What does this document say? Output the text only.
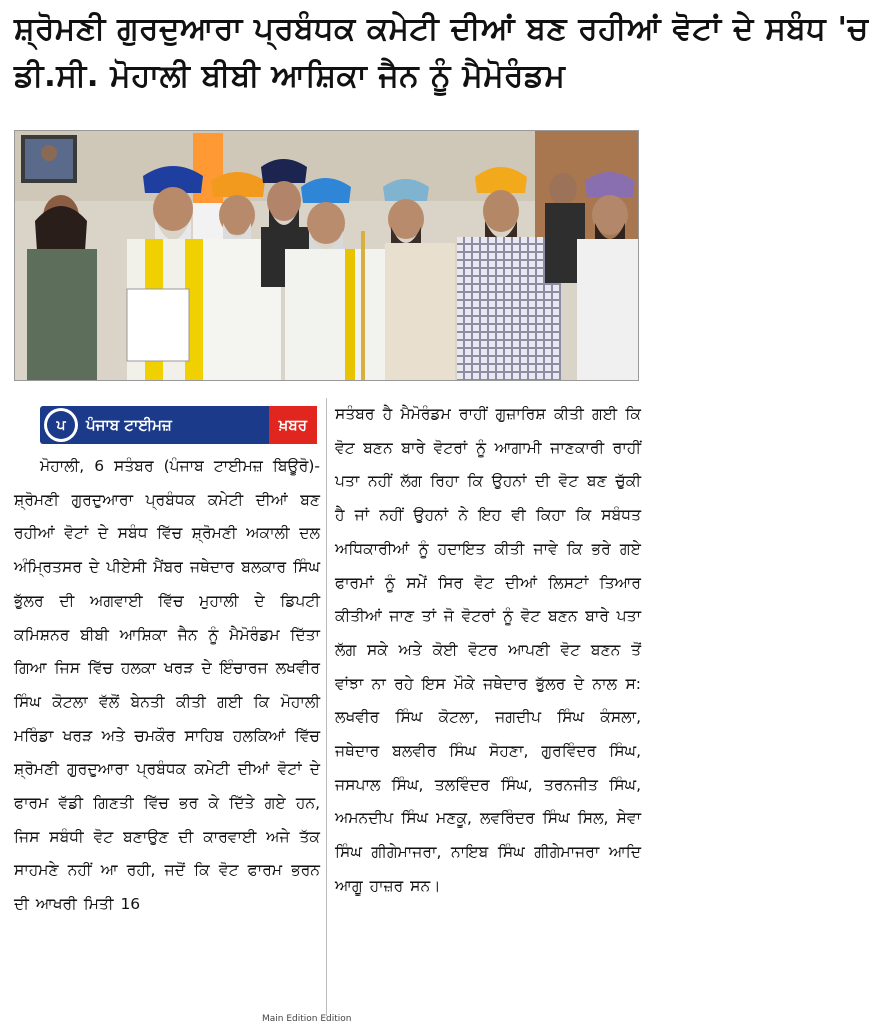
ਸ਼੍ਰੋਮਣੀ ਗੁਰਦੁਆਰਾ ਪ੍ਰਬੰਧਕ ਕਮੇਟੀ ਦੀਆਂ ਬਣ ਰਹੀਆਂ ਵੋਟਾਂ ਦੇ ਸਬੰਧ 'ਚ
ਡੀ.ਸੀ. ਮੋਹਾਲੀ ਬੀਬੀ ਆਸ਼ਿਕਾ ਜੈਨ ਨੂੰ ਮੈਮੋਰੰਡਮ
ਪ	ਪੰਜਾਬ ਟਾਈਮਜ਼	ਖ਼ਬਰ

ਮੋਹਾਲੀ, 6 ਸਤੰਬਰ (ਪੰਜਾਬ ਟਾਈਮਜ਼ ਬਿਊਰੋ)- ਸ਼੍ਰੋਮਣੀ ਗੁਰਦੁਆਰਾ ਪ੍ਰਬੰਧਕ ਕਮੇਟੀ ਦੀਆਂ ਬਣ ਰਹੀਆਂ ਵੋਟਾਂ ਦੇ ਸਬੰਧ ਵਿੱਚ ਸ਼੍ਰੋਮਣੀ ਅਕਾਲੀ ਦਲ ਅੰਮ੍ਰਿਤਸਰ ਦੇ ਪੀਏਸੀ ਮੈਂਬਰ ਜਥੇਦਾਰ ਬਲਕਾਰ ਸਿੰਘ ਭੁੱਲਰ ਦੀ ਅਗਵਾਈ ਵਿੱਚ ਮੁਹਾਲੀ ਦੇ ਡਿਪਟੀ ਕਮਿਸ਼ਨਰ ਬੀਬੀ ਆਸ਼ਿਕਾ ਜੈਨ ਨੂੰ ਮੈਮੋਰੰਡਮ ਦਿੱਤਾ ਗਿਆ ਜਿਸ ਵਿੱਚ ਹਲਕਾ ਖਰੜ ਦੇ ਇੰਚਾਰਜ ਲਖਵੀਰ ਸਿੰਘ ਕੋਟਲਾ ਵੱਲੋਂ ਬੇਨਤੀ ਕੀਤੀ ਗਈ ਕਿ ਮੋਹਾਲੀ ਮਰਿੰਡਾ ਖਰੜ ਅਤੇ ਚਮਕੌਰ ਸਾਹਿਬ ਹਲਕਿਆਂ ਵਿੱਚ ਸ਼੍ਰੋਮਣੀ ਗੁਰਦੁਆਰਾ ਪ੍ਰਬੰਧਕ ਕਮੇਟੀ ਦੀਆਂ ਵੋਟਾਂ ਦੇ ਫਾਰਮ ਵੱਡੀ ਗਿਣਤੀ ਵਿੱਚ ਭਰ ਕੇ ਦਿੱਤੇ ਗਏ ਹਨ, ਜਿਸ ਸਬੰਧੀ ਵੋਟ ਬਣਾਉਣ ਦੀ ਕਾਰਵਾਈ ਅਜੇ ਤੱਕ ਸਾਹਮਣੇ ਨਹੀਂ ਆ ਰਹੀ, ਜਦੋਂ ਕਿ ਵੋਟ ਫਾਰਮ ਭਰਨ ਦੀ ਆਖਰੀ ਮਿਤੀ 16

ਸਤੰਬਰ ਹੈ ਮੈਮੋਰੰਡਮ ਰਾਹੀਂ ਗੁਜ਼ਾਰਿਸ਼ ਕੀਤੀ ਗਈ ਕਿ ਵੋਟ ਬਣਨ ਬਾਰੇ ਵੋਟਰਾਂ ਨੂੰ ਆਗਾਮੀ ਜਾਣਕਾਰੀ ਰਾਹੀਂ ਪਤਾ ਨਹੀਂ ਲੱਗ ਰਿਹਾ ਕਿ ਉਹਨਾਂ ਦੀ ਵੋਟ ਬਣ ਚੁੱਕੀ ਹੈ ਜਾਂ ਨਹੀਂ ਉਹਨਾਂ ਨੇ ਇਹ ਵੀ ਕਿਹਾ ਕਿ ਸਬੰਧਤ ਅਧਿਕਾਰੀਆਂ ਨੂੰ ਹਦਾਇਤ ਕੀਤੀ ਜਾਵੇ ਕਿ ਭਰੇ ਗਏ ਫਾਰਮਾਂ ਨੂੰ ਸਮੇਂ ਸਿਰ ਵੋਟ ਦੀਆਂ ਲਿਸਟਾਂ ਤਿਆਰ ਕੀਤੀਆਂ ਜਾਣ ਤਾਂ ਜੋ ਵੋਟਰਾਂ ਨੂੰ ਵੋਟ ਬਣਨ ਬਾਰੇ ਪਤਾ ਲੱਗ ਸਕੇ ਅਤੇ ਕੋਈ ਵੋਟਰ ਆਪਣੀ ਵੋਟ ਬਣਨ ਤੋਂ ਵਾਂਝਾ ਨਾ ਰਹੇ ਇਸ ਮੌਕੇ ਜਥੇਦਾਰ ਭੁੱਲਰ ਦੇ ਨਾਲ ਸ: ਲਖਵੀਰ ਸਿੰਘ ਕੋਟਲਾ, ਜਗਦੀਪ ਸਿੰਘ ਕੰਸਲਾ, ਜਥੇਦਾਰ ਬਲਵੀਰ ਸਿੰਘ ਸੋਹਣਾ, ਗੁਰਵਿੰਦਰ ਸਿੰਘ, ਜਸਪਾਲ ਸਿੰਘ, ਤਲਵਿੰਦਰ ਸਿੰਘ, ਤਰਨਜੀਤ ਸਿੰਘ, ਅਮਨਦੀਪ ਸਿੰਘ ਮਣਕੂ, ਲਵਰਿੰਦਰ ਸਿੰਘ ਸਿਲ, ਸੇਵਾ ਸਿੰਘ ਗੀਗੇਮਾਜਰਾ, ਨਾਇਬ ਸਿੰਘ ਗੀਗੇਮਾਜਰਾ ਆਦਿ ਆਗੂ ਹਾਜ਼ਰ ਸਨ।

Main Edition Edition
